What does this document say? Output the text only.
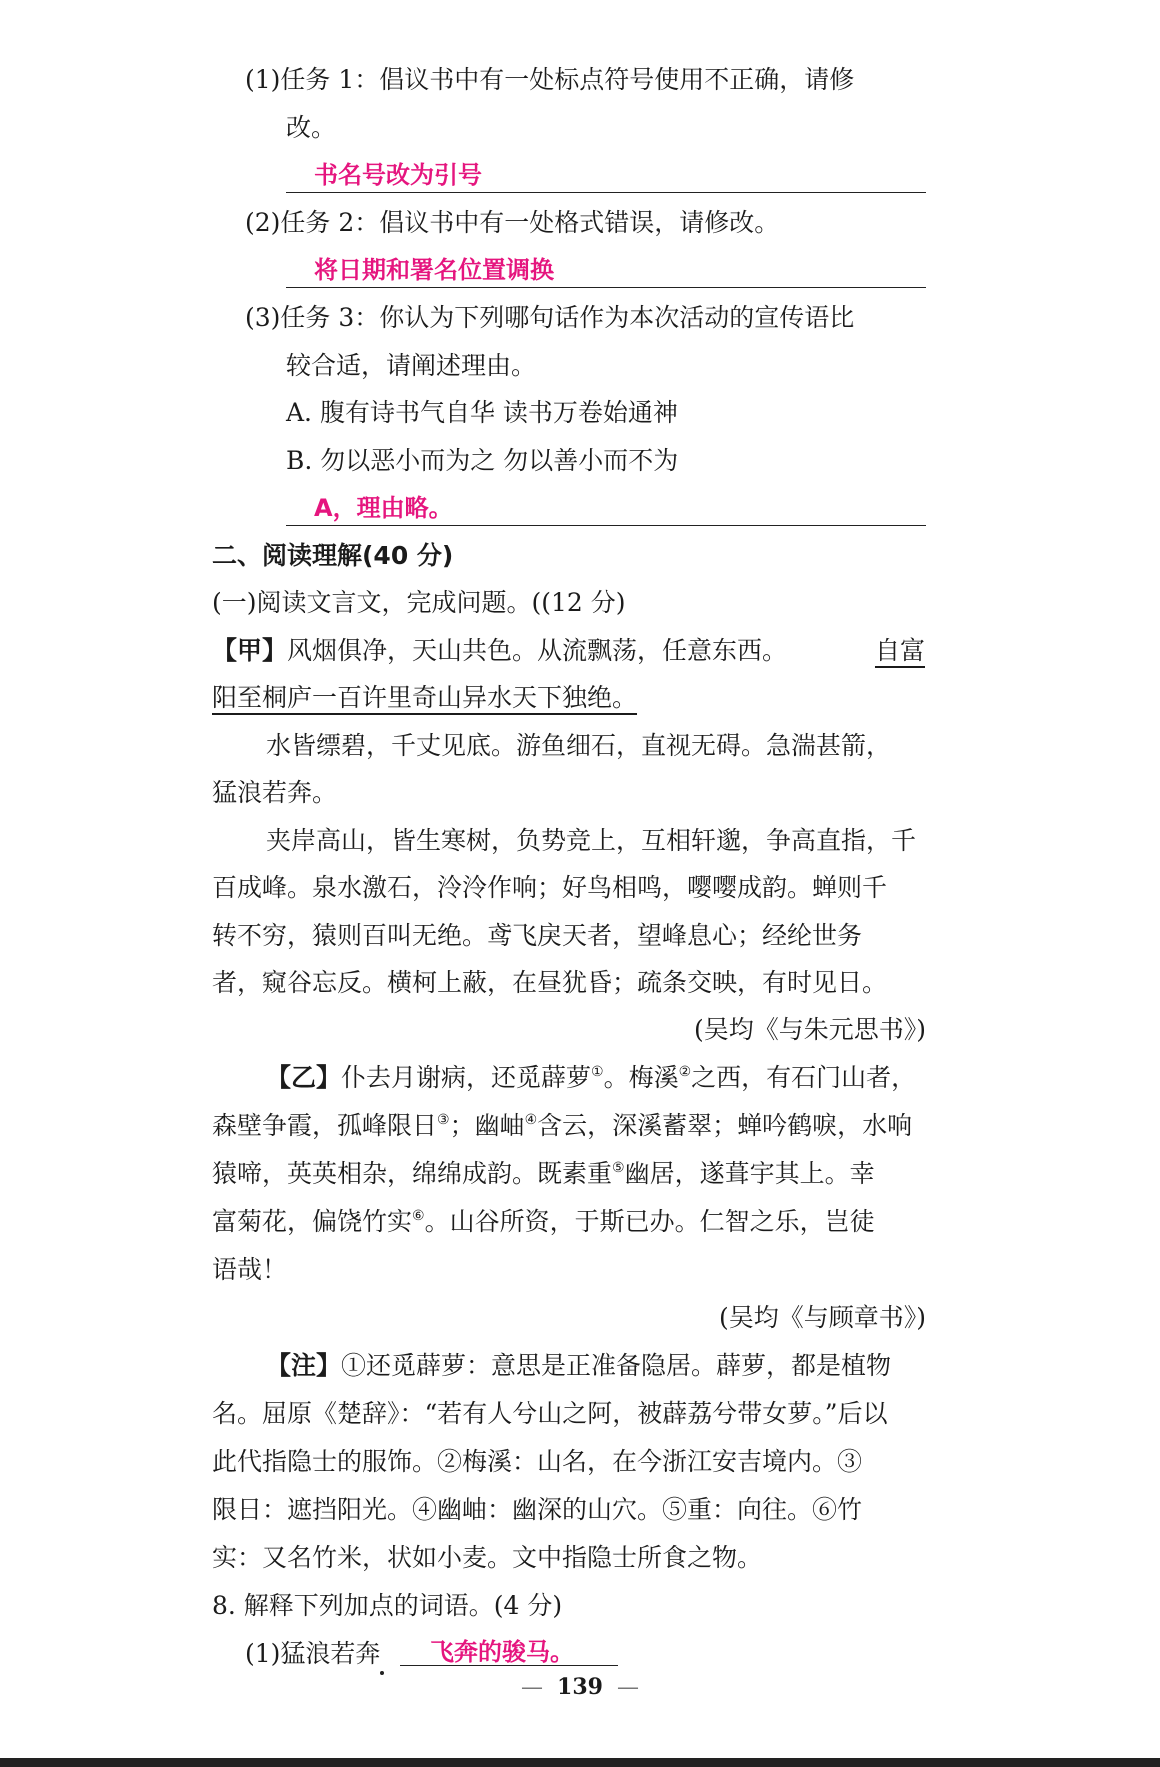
(1)任务 1：倡议书中有一处标点符号使用不正确，请修
改。
书名号改为引号
(2)任务 2：倡议书中有一处格式错误，请修改。
将日期和署名位置调换
(3)任务 3：你认为下列哪句话作为本次活动的宣传语比
较合适，请阐述理由。
A. 腹有诗书气自华 读书万卷始通神
B. 勿以恶小而为之 勿以善小而不为
A，理由略。
二、阅读理解(40 分)
(一)阅读文言文，完成问题。((12 分)
【甲】风烟俱净，天山共色。从流飘荡，任意东西。	自富
阳至桐庐一百许里奇山异水天下独绝。
水皆缥碧，千丈见底。游鱼细石，直视无碍。急湍甚箭，
猛浪若奔。
夹岸高山，皆生寒树，负势竞上，互相轩邈，争高直指，千
百成峰。泉水激石，泠泠作响；好鸟相鸣，嘤嘤成韵。蝉则千
转不穷，猿则百叫无绝。鸢飞戾天者，望峰息心；经纶世务
者，窥谷忘反。横柯上蔽，在昼犹昏；疏条交映，有时见日。
(吴均《与朱元思书》)
【乙】仆去月谢病，还觅薜萝①。梅溪②之西，有石门山者，
森壁争霞，孤峰限日③；幽岫④含云，深溪蓄翠；蝉吟鹤唳，水响
猿啼，英英相杂，绵绵成韵。既素重⑤幽居，遂葺宇其上。幸
富菊花，偏饶竹实⑥。山谷所资，于斯已办。仁智之乐，岂徒
语哉！
(吴均《与顾章书》)
【注】①还觅薜萝：意思是正准备隐居。薜萝，都是植物
名。屈原《楚辞》：“若有人兮山之阿，被薜荔兮带女萝。”后以
此代指隐士的服饰。②梅溪：山名，在今浙江安吉境内。③
限日：遮挡阳光。④幽岫：幽深的山穴。⑤重：向往。⑥竹
实：又名竹米，状如小麦。文中指隐士所食之物。
8. 解释下列加点的词语。(4 分)
(1)猛浪若奔 飞奔的骏马。
— 139 —
